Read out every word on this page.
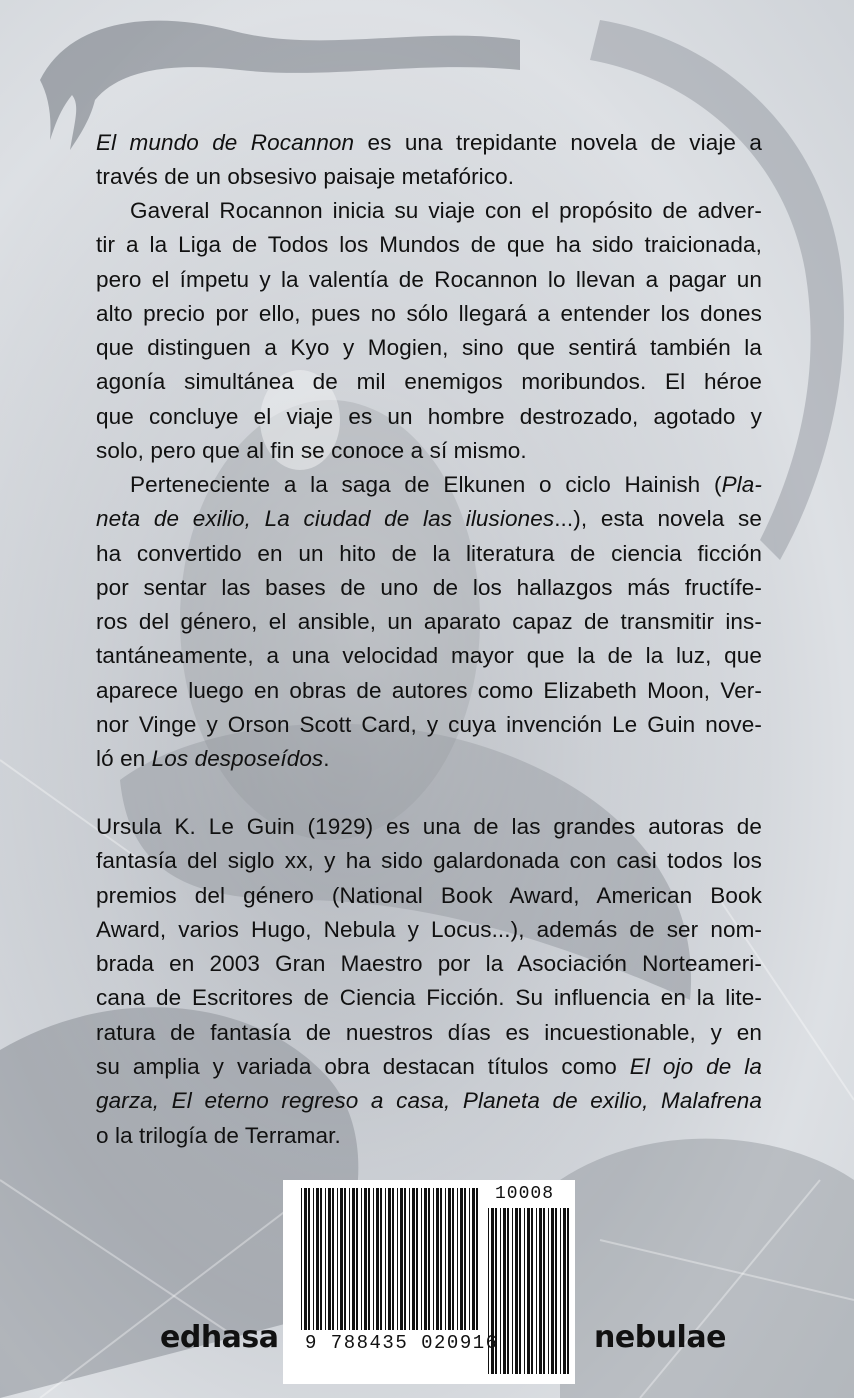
El mundo de Rocannon es una trepidante novela de viaje a
través de un obsesivo paisaje metafórico.

Gaveral Rocannon inicia su viaje con el propósito de adver-
tir a la Liga de Todos los Mundos de que ha sido traicionada,
pero el ímpetu y la valentía de Rocannon lo llevan a pagar un
alto precio por ello, pues no sólo llegará a entender los dones
que distinguen a Kyo y Mogien, sino que sentirá también la
agonía simultánea de mil enemigos moribundos. El héroe
que concluye el viaje es un hombre destrozado, agotado y
solo, pero que al fin se conoce a sí mismo.

Perteneciente a la saga de Elkunen o ciclo Hainish (Pla-
neta de exilio, La ciudad de las ilusiones...), esta novela se
ha convertido en un hito de la literatura de ciencia ficción
por sentar las bases de uno de los hallazgos más fructífe-
ros del género, el ansible, un aparato capaz de transmitir ins-
tantáneamente, a una velocidad mayor que la de la luz, que
aparece luego en obras de autores como Elizabeth Moon, Ver-
nor Vinge y Orson Scott Card, y cuya invención Le Guin nove-
ló en Los desposeídos.

Ursula K. Le Guin (1929) es una de las grandes autoras de
fantasía del siglo xx, y ha sido galardonada con casi todos los
premios del género (National Book Award, American Book
Award, varios Hugo, Nebula y Locus...), además de ser nom-
brada en 2003 Gran Maestro por la Asociación Norteameri-
cana de Escritores de Ciencia Ficción. Su influencia en la lite-
ratura de fantasía de nuestros días es incuestionable, y en
su amplia y variada obra destacan títulos como El ojo de la
garza, El eterno regreso a casa, Planeta de exilio, Malafrena
o la trilogía de Terramar.

10008
9 788435 020916
edhasa	nebulae
